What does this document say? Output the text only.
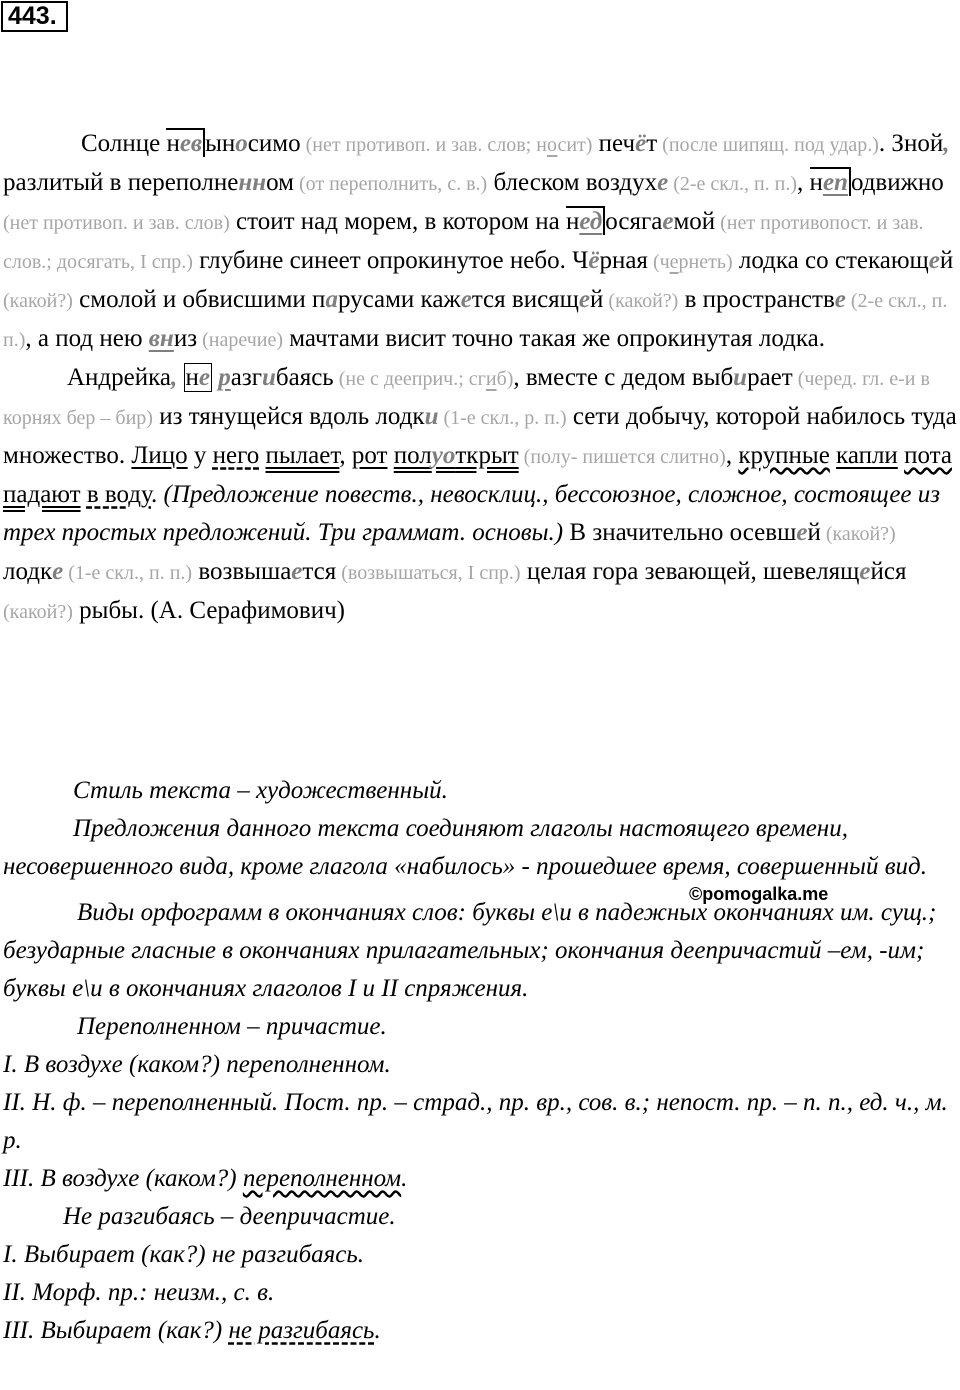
443.

Солнце нев ыносимо (нет противоп. и зав. слов; носит) печёт (после шипящ. под удар.). Зной, разлитый в переполненном (от переполнить, с. в.) блеском воздухе (2-е скл., п. п.), неп одвижно (нет противоп. и зав. слов) стоит над морем, в котором на нед осягаемой (нет противопост. и зав. слов.; досягать, I спр.) глубине синеет опрокинутое небо. Чёрная (чернеть) лодка со стекающей (какой?) смолой и обвисшими парусами кажется висящей (какой?) в пространстве (2-е скл., п. п.), а под нею вниз (наречие) мачтами висит точно такая же опрокинутая лодка.

Андрейка, не разгибаясь (не с дееприч.; сгиб), вместе с дедом выбирает (черед. гл. е-и в корнях бер – бир) из тянущейся вдоль лодки (1-е скл., р. п.) сети добычу, которой набилось туда множество. Лицо у него пылает, рот полуоткрыт (полу- пишется слитно), крупные капли пота падают в воду. (Предложение повеств., невосклиц., бессоюзное, сложное, состоящее из трех простых предложений. Три граммат. основы.) В значительно осевшей (какой?) лодке (1-е скл., п. п.) возвышается (возвышаться, I спр.) целая гора зевающей, шевелящейся (какой?) рыбы. (А. Серафимович)

Стиль текста – художественный.

Предложения данного текста соединяют глаголы настоящего времени, несовершенного вида, кроме глагола «набилось» - прошедшее время, совершенный вид.

Виды орфограмм в окончаниях слов: буквы е\и в падежных окончаниях им. сущ.; безударные гласные в окончаниях прилагательных; окончания деепричастий –ем, -им; буквы е\и в окончаниях глаголов I и II спряжения.

Переполненном – причастие.

I. В воздухе (каком?) переполненном.

II. Н. ф. – переполненный. Пост. пр. – страд., пр. вр., сов. в.; непост. пр. – п. п., ед. ч., м. р.

III. В воздухе (каком?) переполненном.

Не разгибаясь – деепричастие.

I. Выбирает (как?) не разгибаясь.

II. Морф. пр.: неизм., с. в.

III. Выбирает (как?) не разгибаясь.

©pomogalka.me
